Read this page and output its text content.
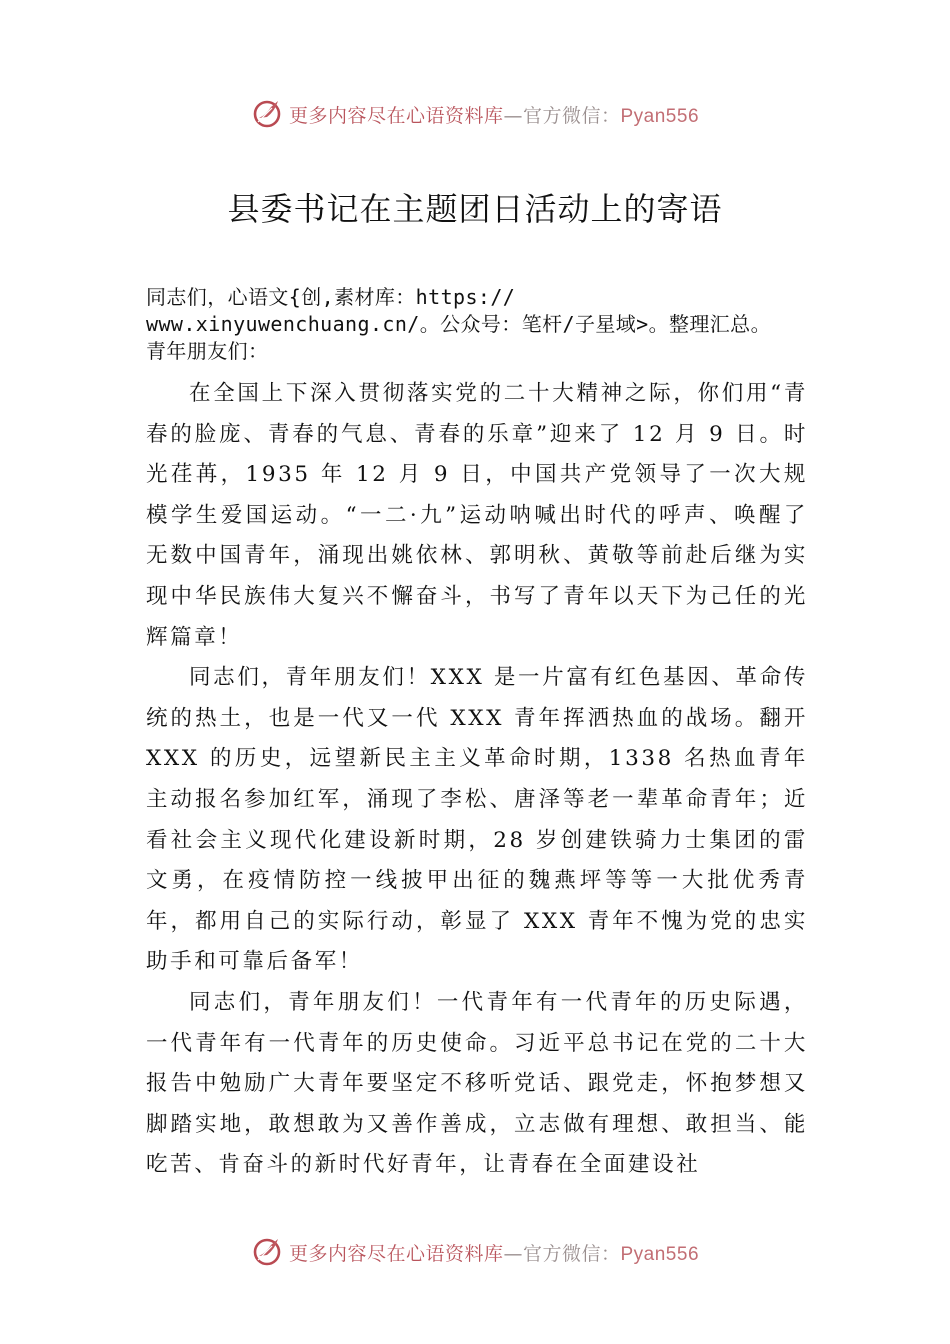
更多内容尽在心语资料库—官方微信：Pyan556
县委书记在主题团日活动上的寄语
同志们，心语文{创,素材库：https://
www.xinyuwenchuang.cn/。公众号：笔杆/子星域>。整理汇总。
青年朋友们：

在全国上下深入贯彻落实党的二十大精神之际，你们用“青春的脸庞、青春的气息、青春的乐章”迎来了 12 月 9 日。时光荏苒，1935 年 12 月 9 日，中国共产党领导了一次大规模学生爱国运动。“一二·九”运动呐喊出时代的呼声、唤醒了无数中国青年，涌现出姚依林、郭明秋、黄敬等前赴后继为实现中华民族伟大复兴不懈奋斗，书写了青年以天下为己任的光辉篇章！

同志们，青年朋友们！XXX 是一片富有红色基因、革命传统的热土，也是一代又一代 XXX 青年挥洒热血的战场。翻开 XXX 的历史，远望新民主主义革命时期，1338 名热血青年主动报名参加红军，涌现了李松、唐泽等老一辈革命青年；近看社会主义现代化建设新时期，28 岁创建铁骑力士集团的雷文勇，在疫情防控一线披甲出征的魏燕坪等等一大批优秀青年，都用自己的实际行动，彰显了 XXX 青年不愧为党的忠实助手和可靠后备军！

同志们，青年朋友们！一代青年有一代青年的历史际遇，一代青年有一代青年的历史使命。习近平总书记在党的二十大报告中勉励广大青年要坚定不移听党话、跟党走，怀抱梦想又脚踏实地，敢想敢为又善作善成，立志做有理想、敢担当、能吃苦、肯奋斗的新时代好青年，让青春在全面建设社

更多内容尽在心语资料库—官方微信：Pyan556
